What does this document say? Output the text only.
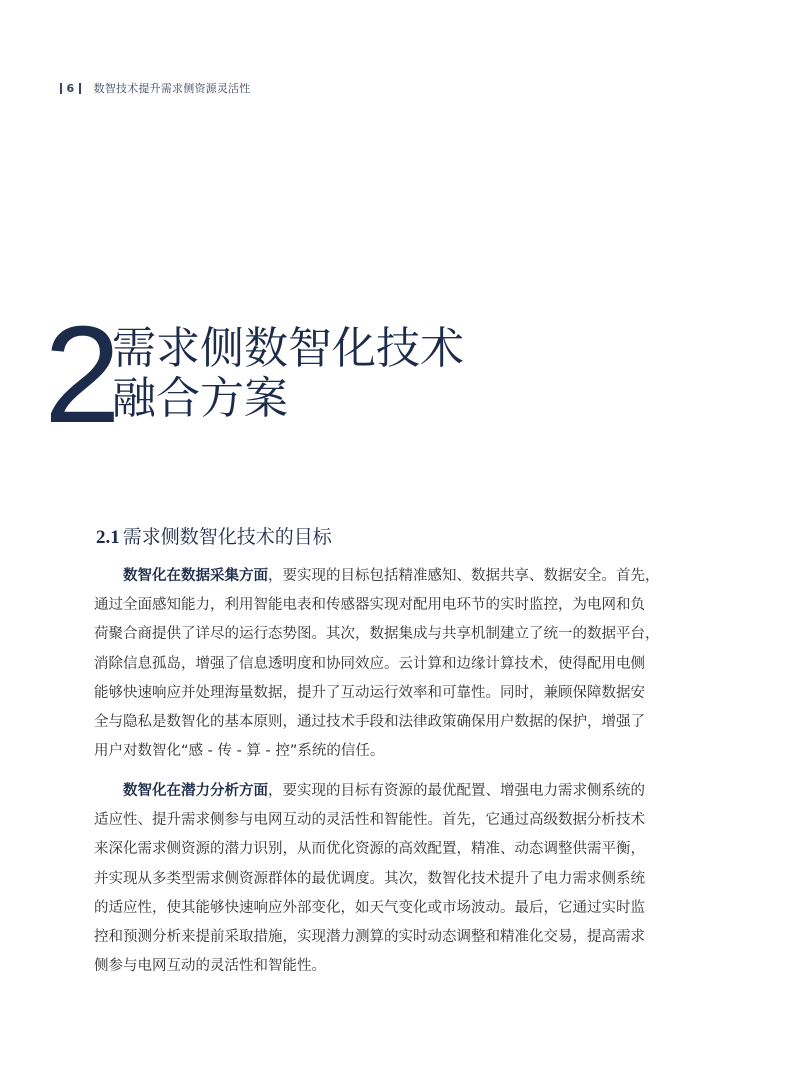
6 数智技术提升需求侧资源灵活性
2
需求侧数智化技术
融合方案
2.1 需求侧数智化技术的目标
数智化在数据采集方面，要实现的目标包括精准感知、数据共享、数据安全。首先，
通过全面感知能力，利用智能电表和传感器实现对配用电环节的实时监控，为电网和负
荷聚合商提供了详尽的运行态势图。其次，数据集成与共享机制建立了统一的数据平台，
消除信息孤岛，增强了信息透明度和协同效应。云计算和边缘计算技术，使得配用电侧
能够快速响应并处理海量数据，提升了互动运行效率和可靠性。同时，兼顾保障数据安
全与隐私是数智化的基本原则，通过技术手段和法律政策确保用户数据的保护，增强了
用户对数智化“感 - 传 - 算 - 控”系统的信任。
数智化在潜力分析方面，要实现的目标有资源的最优配置、增强电力需求侧系统的
适应性、提升需求侧参与电网互动的灵活性和智能性。首先，它通过高级数据分析技术
来深化需求侧资源的潜力识别，从而优化资源的高效配置，精准、动态调整供需平衡，
并实现从多类型需求侧资源群体的最优调度。其次，数智化技术提升了电力需求侧系统
的适应性，使其能够快速响应外部变化，如天气变化或市场波动。最后，它通过实时监
控和预测分析来提前采取措施，实现潜力测算的实时动态调整和精准化交易，提高需求
侧参与电网互动的灵活性和智能性。
